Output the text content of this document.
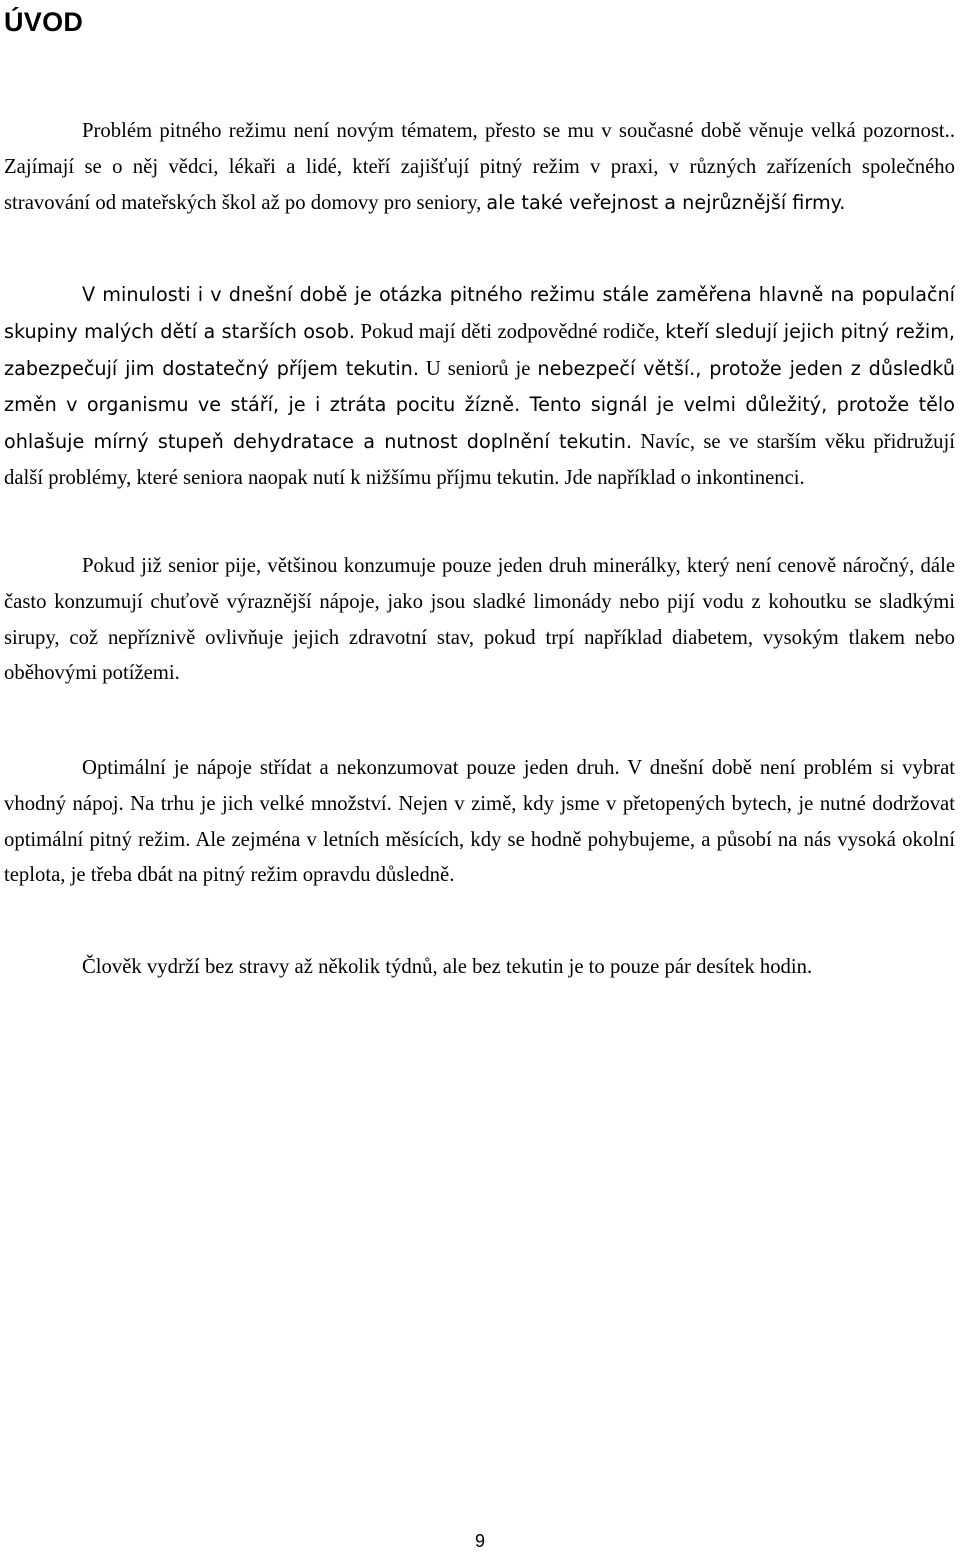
ÚVOD

Problém pitného režimu není novým tématem, přesto se mu v současné době věnuje velká pozornost.. Zajímají se o něj vědci, lékaři a lidé, kteří zajišťují pitný režim v praxi, v různých zařízeních společného stravování od mateřských škol až po domovy pro seniory, ale také veřejnost a nejrůznější firmy.

V minulosti i v dnešní době je otázka pitného režimu stále zaměřena hlavně na populační skupiny malých dětí a starších osob. Pokud mají děti zodpovědné rodiče, kteří sledují jejich pitný režim, zabezpečují jim dostatečný příjem tekutin. U seniorů je nebezpečí větší., protože jeden z důsledků změn v organismu ve stáří, je i ztráta pocitu žízně. Tento signál je velmi důležitý, protože tělo ohlašuje mírný stupeň dehydratace a nutnost doplnění tekutin. Navíc, se ve starším věku přidružují další problémy, které seniora naopak nutí k nižšímu příjmu tekutin. Jde například o inkontinenci.

Pokud již senior pije, většinou konzumuje pouze jeden druh minerálky, který není cenově náročný, dále často konzumují chuťově výraznější nápoje, jako jsou sladké limonády nebo pijí vodu z kohoutku se sladkými sirupy, což nepříznivě ovlivňuje jejich zdravotní stav, pokud trpí například diabetem, vysokým tlakem nebo oběhovými potížemi.

Optimální je nápoje střídat a nekonzumovat pouze jeden druh. V dnešní době není problém si vybrat vhodný nápoj. Na trhu je jich velké množství. Nejen v zimě, kdy jsme v přetopených bytech, je nutné dodržovat optimální pitný režim. Ale zejména v letních měsících, kdy se hodně pohybujeme, a působí na nás vysoká okolní teplota, je třeba dbát na pitný režim opravdu důsledně.

Člověk vydrží bez stravy až několik týdnů, ale bez tekutin je to pouze pár desítek hodin.

9
